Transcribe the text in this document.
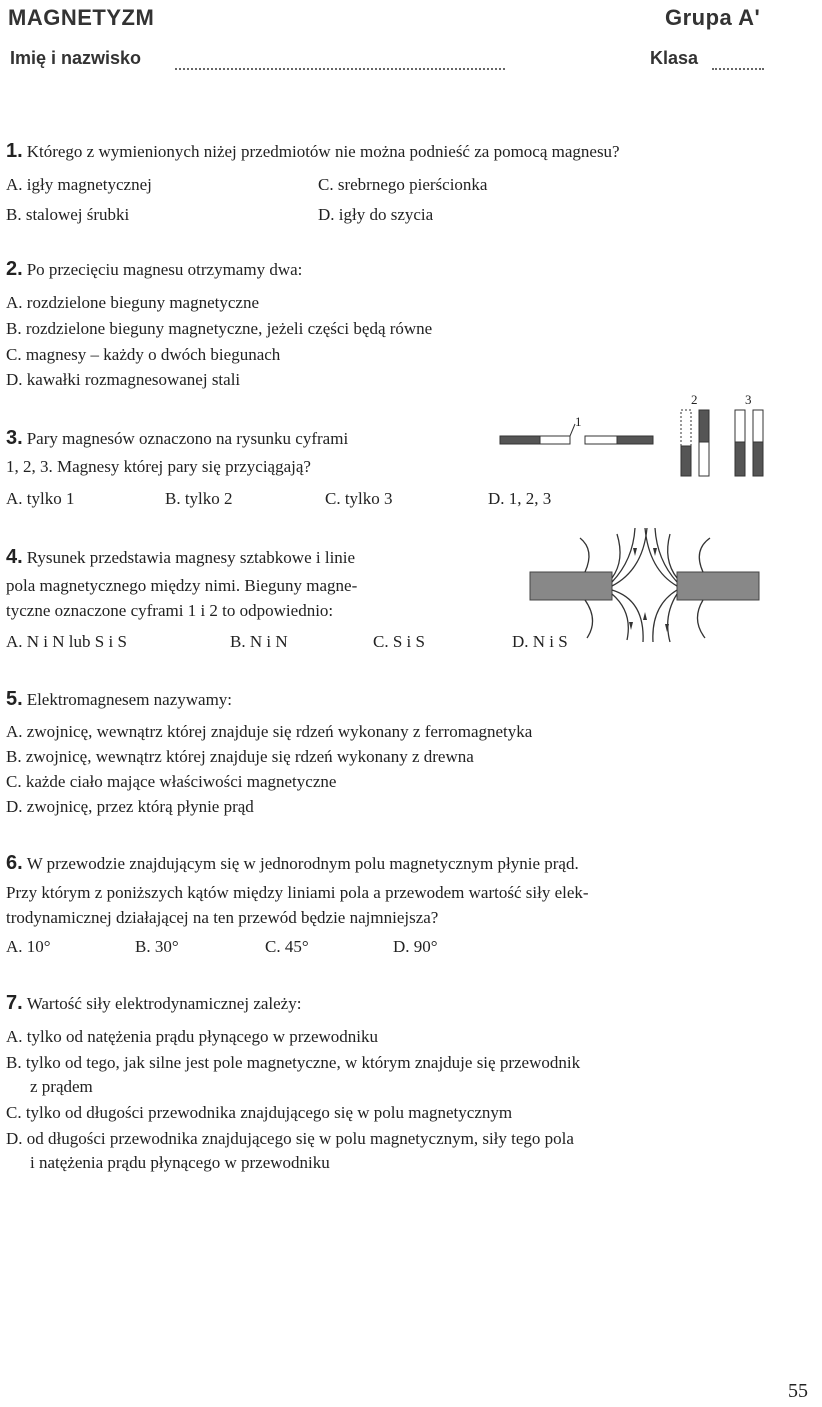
MAGNETYZM	Grupa A'
Imię i nazwisko	Klasa
1. Którego z wymienionych niżej przedmiotów nie można podnieść za pomocą magnesu?
A. igły magnetycznej	C. srebrnego pierścionka
B. stalowej śrubki	D. igły do szycia
2. Po przecięciu magnesu otrzymamy dwa:
A. rozdzielone bieguny magnetyczne
B. rozdzielone bieguny magnetyczne, jeżeli części będą równe
C. magnesy – każdy o dwóch biegunach
D. kawałki rozmagnesowanej stali
3. Pary magnesów oznaczono na rysunku cyframi
1, 2, 3. Magnesy której pary się przyciągają?
A. tylko 1	B. tylko 2	C. tylko 3	D. 1, 2, 3
1
2	3
4. Rysunek przedstawia magnesy sztabkowe i linie
pola magnetycznego między nimi. Bieguny magne-
tyczne oznaczone cyframi 1 i 2 to odpowiednio:
A. N i N lub S i S	B. N i N	C. S i S	D. N i S
5. Elektromagnesem nazywamy:
A. zwojnicę, wewnątrz której znajduje się rdzeń wykonany z ferromagnetyka
B. zwojnicę, wewnątrz której znajduje się rdzeń wykonany z drewna
C. każde ciało mające właściwości magnetyczne
D. zwojnicę, przez którą płynie prąd
6. W przewodzie znajdującym się w jednorodnym polu magnetycznym płynie prąd.
Przy którym z poniższych kątów między liniami pola a przewodem wartość siły elek-
trodynamicznej działającej na ten przewód będzie najmniejsza?
A. 10°	B. 30°	C. 45°	D. 90°
7. Wartość siły elektrodynamicznej zależy:
A. tylko od natężenia prądu płynącego w przewodniku
B. tylko od tego, jak silne jest pole magnetyczne, w którym znajduje się przewodnik
z prądem
C. tylko od długości przewodnika znajdującego się w polu magnetycznym
D. od długości przewodnika znajdującego się w polu magnetycznym, siły tego pola
i natężenia prądu płynącego w przewodniku
55
